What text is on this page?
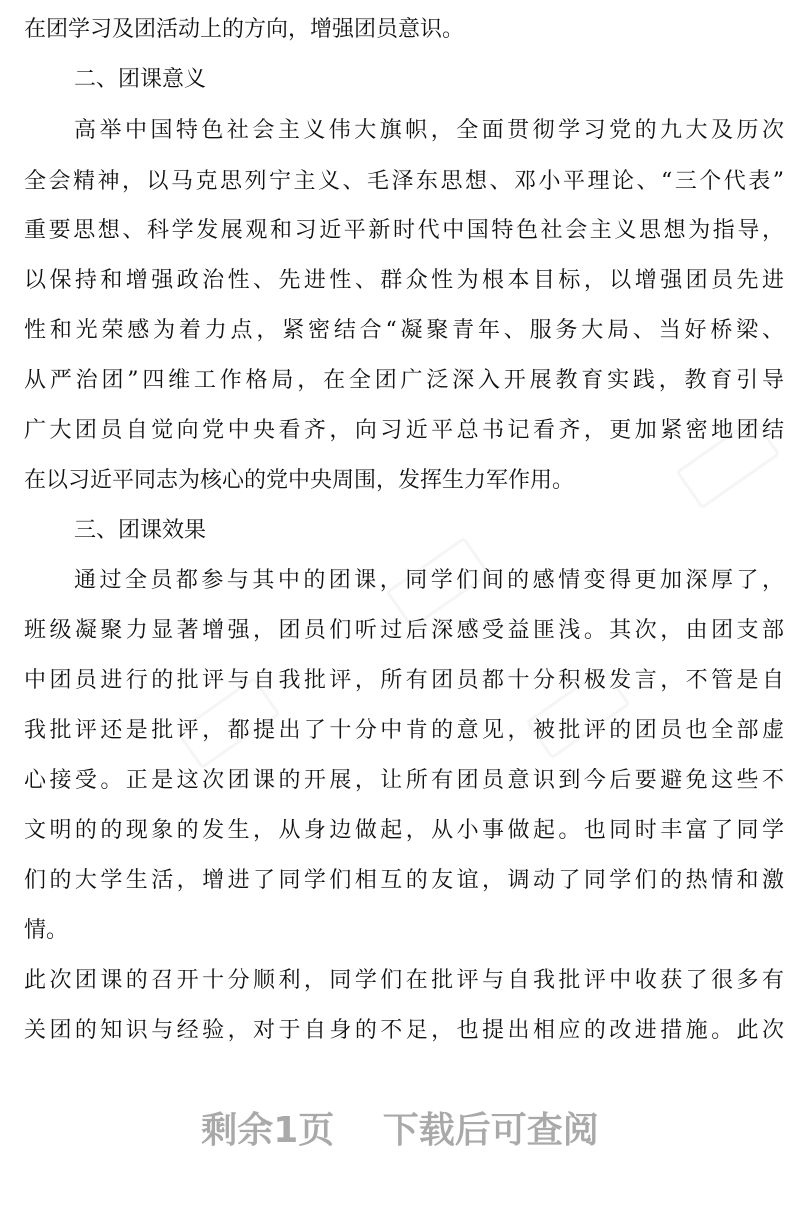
在团学习及团活动上的方向，增强团员意识。
二、团课意义
高举中国特色社会主义伟大旗帜，全面贯彻学习党的九大及历次
全会精神，以马克思列宁主义、毛泽东思想、邓小平理论、“三个代表”
重要思想、科学发展观和习近平新时代中国特色社会主义思想为指导，
以保持和增强政治性、先进性、群众性为根本目标，以增强团员先进
性和光荣感为着力点，紧密结合“凝聚青年、服务大局、当好桥梁、
从严治团”四维工作格局，在全团广泛深入开展教育实践，教育引导
广大团员自觉向党中央看齐，向习近平总书记看齐，更加紧密地团结
在以习近平同志为核心的党中央周围，发挥生力军作用。
三、团课效果
通过全员都参与其中的团课，同学们间的感情变得更加深厚了，
班级凝聚力显著增强，团员们听过后深感受益匪浅。其次，由团支部
中团员进行的批评与自我批评，所有团员都十分积极发言，不管是自
我批评还是批评，都提出了十分中肯的意见，被批评的团员也全部虚
心接受。正是这次团课的开展，让所有团员意识到今后要避免这些不
文明的的现象的发生，从身边做起，从小事做起。也同时丰富了同学
们的大学生活，增进了同学们相互的友谊，调动了同学们的热情和激
情。
此次团课的召开十分顺利，同学们在批评与自我批评中收获了很多有
关团的知识与经验，对于自身的不足，也提出相应的改进措施。此次
剩余1页 下载后可查阅
